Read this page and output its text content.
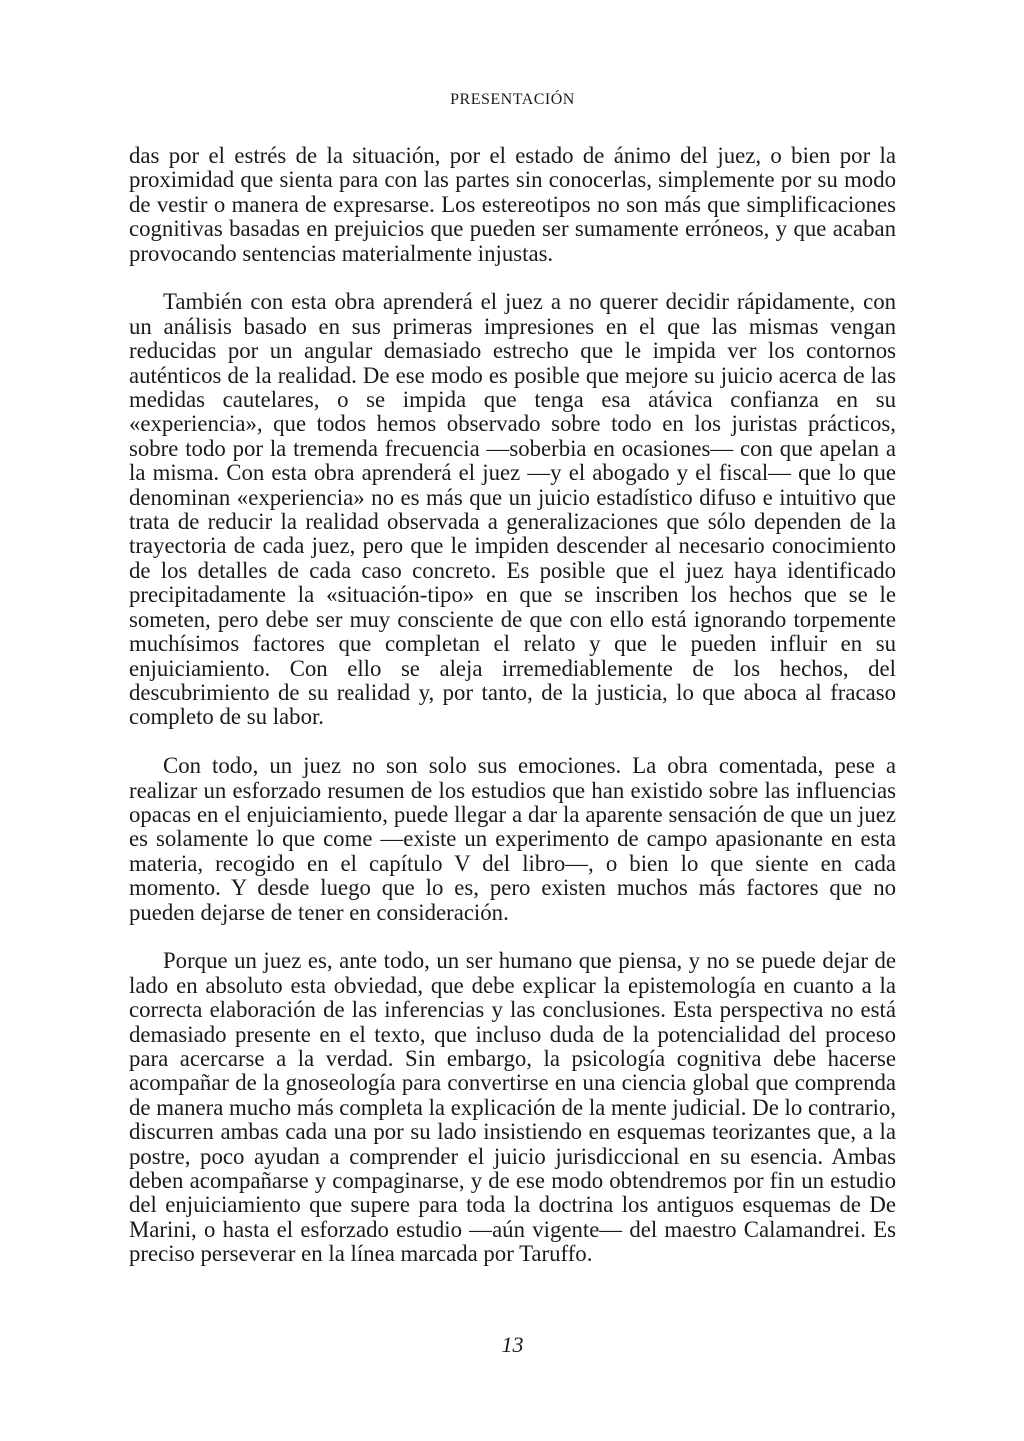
PRESENTACIÓN

das por el estrés de la situación, por el estado de ánimo del juez, o bien por la proximidad que sienta para con las partes sin conocerlas, simplemente por su modo de vestir o manera de expresarse. Los estereotipos no son más que simplificaciones cognitivas basadas en prejuicios que pueden ser sumamente erróneos, y que acaban provocando sentencias materialmente injustas.

También con esta obra aprenderá el juez a no querer decidir rápidamente, con un análisis basado en sus primeras impresiones en el que las mismas vengan reducidas por un angular demasiado estrecho que le impida ver los contornos auténticos de la realidad. De ese modo es posible que mejore su juicio acerca de las medidas cautelares, o se impida que tenga esa atávica confianza en su «experiencia», que todos hemos observado sobre todo en los juristas prácticos, sobre todo por la tremenda frecuencia —soberbia en ocasiones— con que apelan a la misma. Con esta obra aprenderá el juez —y el abogado y el fiscal— que lo que denominan «experiencia» no es más que un juicio estadístico difuso e intuitivo que trata de reducir la realidad observada a generalizaciones que sólo dependen de la trayectoria de cada juez, pero que le impiden descender al necesario conocimiento de los detalles de cada caso concreto. Es posible que el juez haya identificado precipitadamente la «situación-tipo» en que se inscriben los hechos que se le someten, pero debe ser muy consciente de que con ello está ignorando torpemente muchísimos factores que completan el relato y que le pueden influir en su enjuiciamiento. Con ello se aleja irremediablemente de los hechos, del descubrimiento de su realidad y, por tanto, de la justicia, lo que aboca al fracaso completo de su labor.

Con todo, un juez no son solo sus emociones. La obra comentada, pese a realizar un esforzado resumen de los estudios que han existido sobre las influencias opacas en el enjuiciamiento, puede llegar a dar la aparente sensación de que un juez es solamente lo que come —existe un experimento de campo apasionante en esta materia, recogido en el capítulo V del libro—, o bien lo que siente en cada momento. Y desde luego que lo es, pero existen muchos más factores que no pueden dejarse de tener en consideración.

Porque un juez es, ante todo, un ser humano que piensa, y no se puede dejar de lado en absoluto esta obviedad, que debe explicar la epistemología en cuanto a la correcta elaboración de las inferencias y las conclusiones. Esta perspectiva no está demasiado presente en el texto, que incluso duda de la potencialidad del proceso para acercarse a la verdad. Sin embargo, la psicología cognitiva debe hacerse acompañar de la gnoseología para convertirse en una ciencia global que comprenda de manera mucho más completa la explicación de la mente judicial. De lo contrario, discurren ambas cada una por su lado insistiendo en esquemas teorizantes que, a la postre, poco ayudan a comprender el juicio jurisdiccional en su esencia. Ambas deben acompañarse y compaginarse, y de ese modo obtendremos por fin un estudio del enjuiciamiento que supere para toda la doctrina los antiguos esquemas de De Marini, o hasta el esforzado estudio —aún vigente— del maestro Calamandrei. Es preciso perseverar en la línea marcada por Taruffo.

13
